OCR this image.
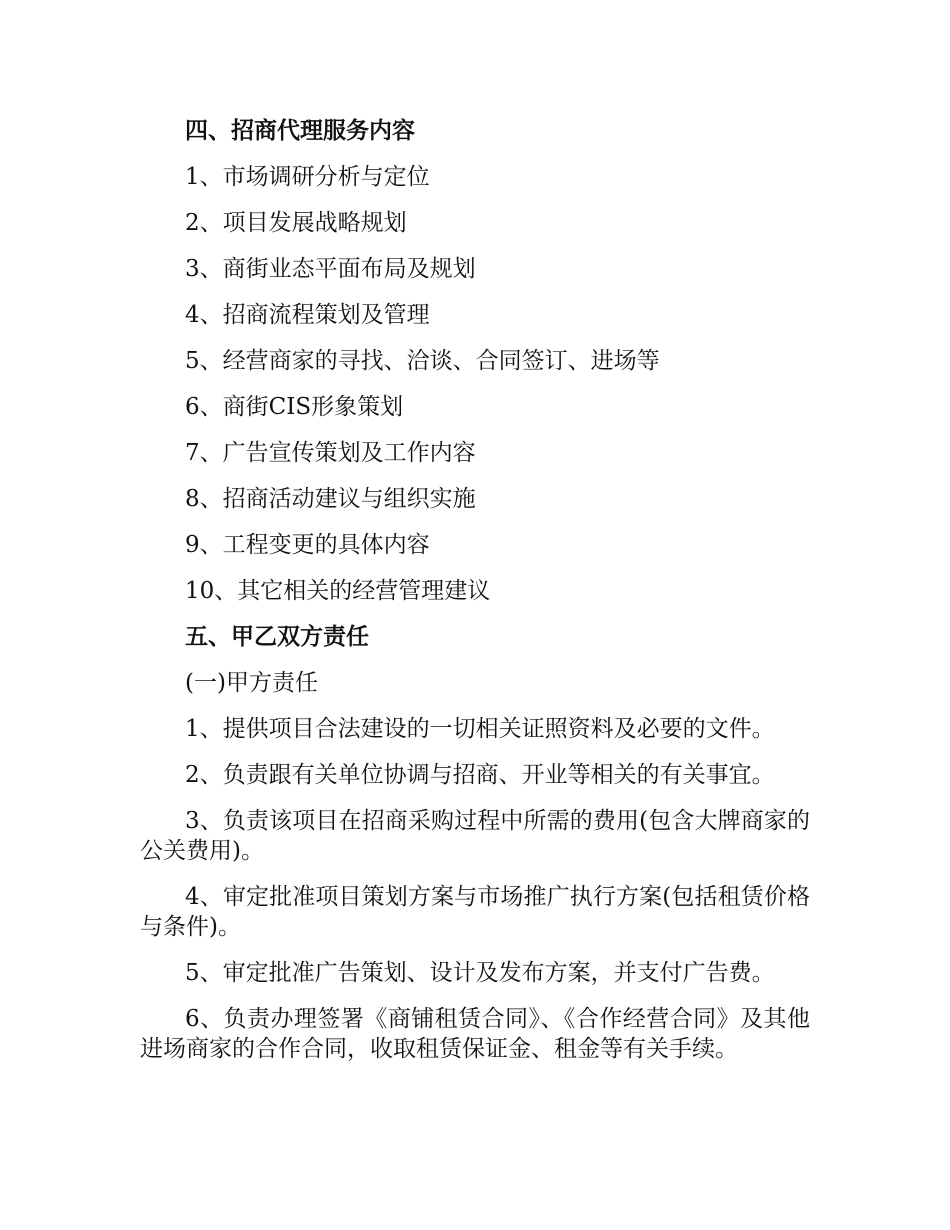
四、招商代理服务内容

1、市场调研分析与定位

2、项目发展战略规划

3、商街业态平面布局及规划

4、招商流程策划及管理

5、经营商家的寻找、洽谈、合同签订、进场等

6、商街CIS形象策划

7、广告宣传策划及工作内容

8、招商活动建议与组织实施

9、工程变更的具体内容

10、其它相关的经营管理建议

五、甲乙双方责任

(一)甲方责任

1、提供项目合法建设的一切相关证照资料及必要的文件。

2、负责跟有关单位协调与招商、开业等相关的有关事宜。

3、负责该项目在招商采购过程中所需的费用(包含大牌商家的公关费用)。

4、审定批准项目策划方案与市场推广执行方案(包括租赁价格与条件)。

5、审定批准广告策划、设计及发布方案，并支付广告费。

6、负责办理签署《商铺租赁合同》、《合作经营合同》及其他进场商家的合作合同，收取租赁保证金、租金等有关手续。
